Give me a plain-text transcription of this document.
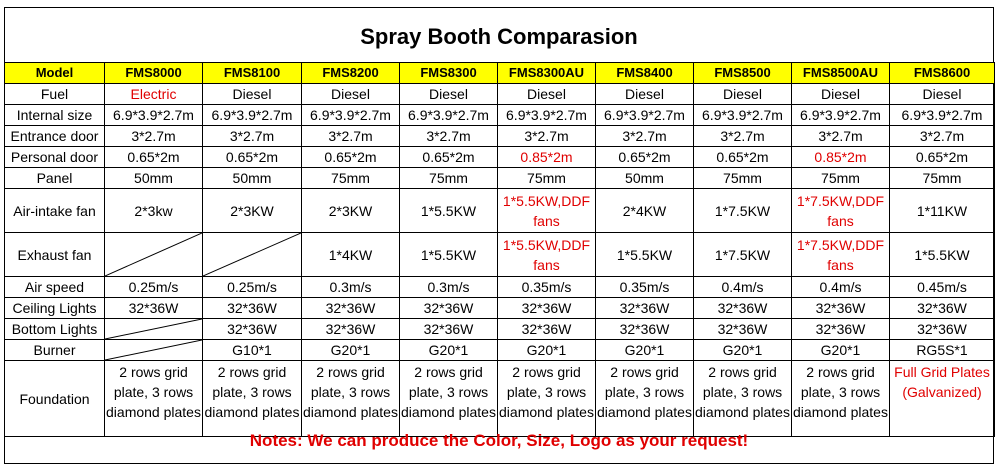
Spray Booth Comparasion
Model	FMS8000	FMS8100	FMS8200	FMS8300	FMS8300AU	FMS8400	FMS8500	FMS8500AU	FMS8600
Fuel	Electric	Diesel	Diesel	Diesel	Diesel	Diesel	Diesel	Diesel	Diesel
Internal size	6.9*3.9*2.7m	6.9*3.9*2.7m	6.9*3.9*2.7m	6.9*3.9*2.7m	6.9*3.9*2.7m	6.9*3.9*2.7m	6.9*3.9*2.7m	6.9*3.9*2.7m	6.9*3.9*2.7m
Entrance door	3*2.7m	3*2.7m	3*2.7m	3*2.7m	3*2.7m	3*2.7m	3*2.7m	3*2.7m	3*2.7m
Personal door	0.65*2m	0.65*2m	0.65*2m	0.65*2m	0.85*2m	0.65*2m	0.65*2m	0.85*2m	0.65*2m
Panel	50mm	50mm	75mm	75mm	75mm	50mm	75mm	75mm	75mm
Air-intake fan	2*3kw	2*3KW	2*3KW	1*5.5KW	1*5.5KW,DDF fans	2*4KW	1*7.5KW	1*7.5KW,DDF fans	1*11KW
Exhaust fan			1*4KW	1*5.5KW	1*5.5KW,DDF fans	1*5.5KW	1*7.5KW	1*7.5KW,DDF fans	1*5.5KW
Air speed	0.25m/s	0.25m/s	0.3m/s	0.3m/s	0.35m/s	0.35m/s	0.4m/s	0.4m/s	0.45m/s
Ceiling Lights	32*36W	32*36W	32*36W	32*36W	32*36W	32*36W	32*36W	32*36W	32*36W
Bottom Lights		32*36W	32*36W	32*36W	32*36W	32*36W	32*36W	32*36W	32*36W
Burner		G10*1	G20*1	G20*1	G20*1	G20*1	G20*1	G20*1	RG5S*1
Foundation	2 rows grid plate, 3 rows diamond plates	2 rows grid plate, 3 rows diamond plates	2 rows grid plate, 3 rows diamond plates	2 rows grid plate, 3 rows diamond plates	2 rows grid plate, 3 rows diamond plates	2 rows grid plate, 3 rows diamond plates	2 rows grid plate, 3 rows diamond plates	2 rows grid plate, 3 rows diamond plates	Full Grid Plates (Galvanized)
Notes: We can produce the Color, Size, Logo as your request!
